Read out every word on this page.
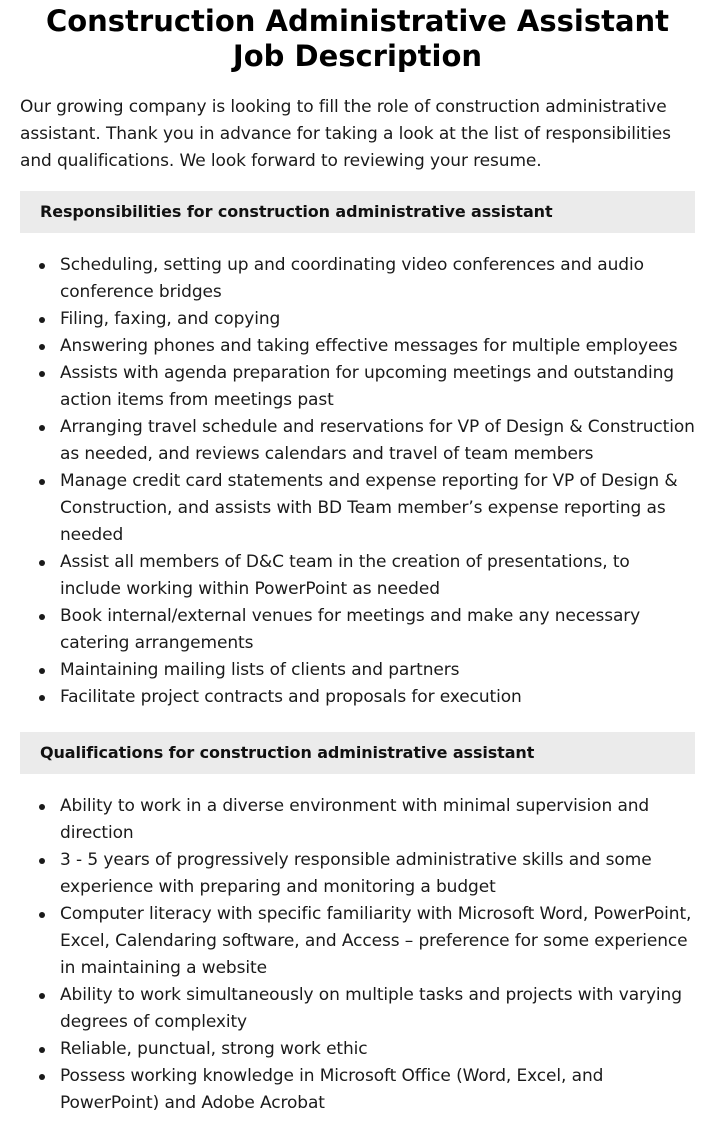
Construction Administrative Assistant Job Description

Our growing company is looking to fill the role of construction administrative assistant. Thank you in advance for taking a look at the list of responsibilities and qualifications. We look forward to reviewing your resume.

Responsibilities for construction administrative assistant
Scheduling, setting up and coordinating video conferences and audio conference bridges
Filing, faxing, and copying
Answering phones and taking effective messages for multiple employees
Assists with agenda preparation for upcoming meetings and outstanding action items from meetings past
Arranging travel schedule and reservations for VP of Design & Construction as needed, and reviews calendars and travel of team members
Manage credit card statements and expense reporting for VP of Design & Construction, and assists with BD Team member’s expense reporting as needed
Assist all members of D&C team in the creation of presentations, to include working within PowerPoint as needed
Book internal/external venues for meetings and make any necessary catering arrangements
Maintaining mailing lists of clients and partners
Facilitate project contracts and proposals for execution
Qualifications for construction administrative assistant
Ability to work in a diverse environment with minimal supervision and direction
3 - 5 years of progressively responsible administrative skills and some experience with preparing and monitoring a budget
Computer literacy with specific familiarity with Microsoft Word, PowerPoint, Excel, Calendaring software, and Access – preference for some experience in maintaining a website
Ability to work simultaneously on multiple tasks and projects with varying degrees of complexity
Reliable, punctual, strong work ethic
Possess working knowledge in Microsoft Office (Word, Excel, and PowerPoint) and Adobe Acrobat
